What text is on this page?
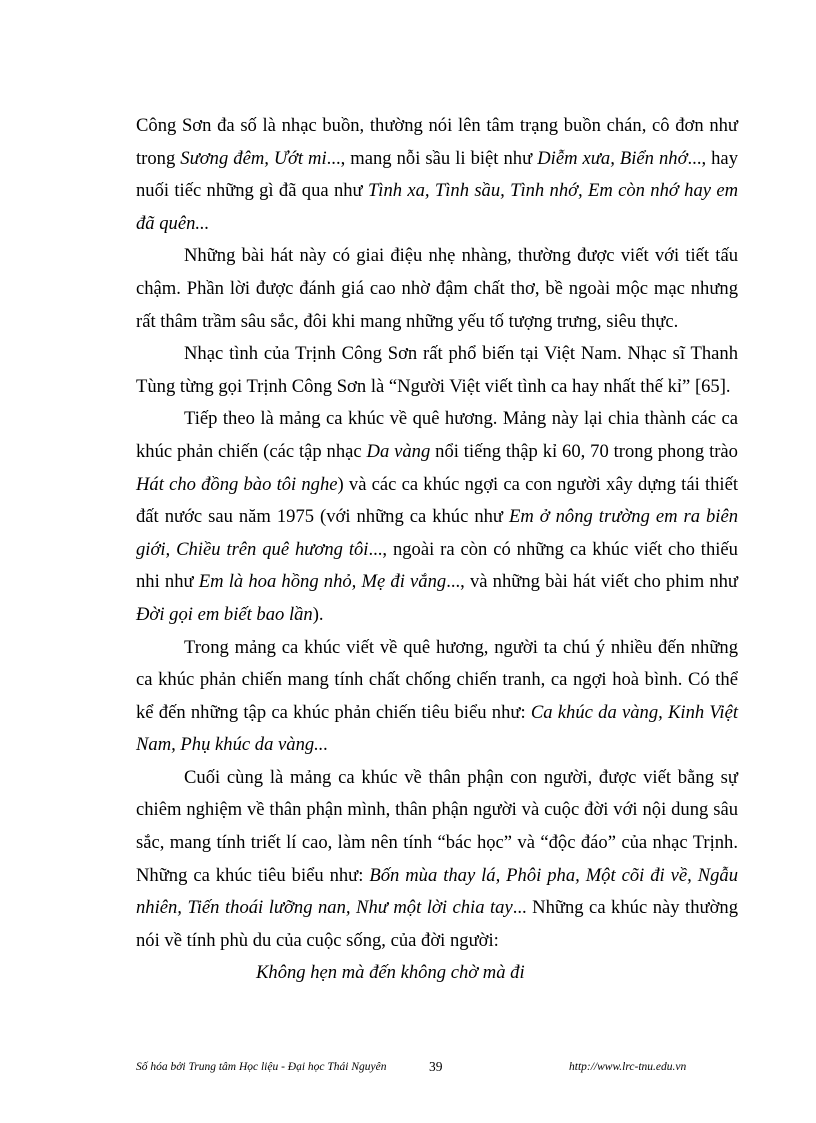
Công Sơn đa số là nhạc buồn, thường nói lên tâm trạng buồn chán, cô đơn như trong Sương đêm, Ướt mi..., mang nỗi sầu li biệt như Diễm xưa, Biển nhớ..., hay nuối tiếc những gì đã qua như Tình xa, Tình sầu, Tình nhớ, Em còn nhớ hay em đã quên...

Những bài hát này có giai điệu nhẹ nhàng, thường được viết với tiết tấu chậm. Phần lời được đánh giá cao nhờ đậm chất thơ, bề ngoài mộc mạc nhưng rất thâm trầm sâu sắc, đôi khi mang những yếu tố tượng trưng, siêu thực.

Nhạc tình của Trịnh Công Sơn rất phổ biến tại Việt Nam. Nhạc sĩ Thanh Tùng từng gọi Trịnh Công Sơn là “Người Việt viết tình ca hay nhất thế kỉ” [65].

Tiếp theo là mảng ca khúc về quê hương. Mảng này lại chia thành các ca khúc phản chiến (các tập nhạc Da vàng nổi tiếng thập kỉ 60, 70 trong phong trào Hát cho đồng bào tôi nghe) và các ca khúc ngợi ca con người xây dựng tái thiết đất nước sau năm 1975 (với những ca khúc như Em ở nông trường em ra biên giới, Chiều trên quê hương tôi..., ngoài ra còn có những ca khúc viết cho thiếu nhi như Em là hoa hồng nhỏ, Mẹ đi vắng..., và những bài hát viết cho phim như Đời gọi em biết bao lần).

Trong mảng ca khúc viết về quê hương, người ta chú ý nhiều đến những ca khúc phản chiến mang tính chất chống chiến tranh, ca ngợi hoà bình. Có thể kể đến những tập ca khúc phản chiến tiêu biểu như: Ca khúc da vàng, Kinh Việt Nam, Phụ khúc da vàng...

Cuối cùng là mảng ca khúc về thân phận con người, được viết bằng sự chiêm nghiệm về thân phận mình, thân phận người và cuộc đời với nội dung sâu sắc, mang tính triết lí cao, làm nên tính “bác học” và “độc đáo” của nhạc Trịnh. Những ca khúc tiêu biểu như: Bốn mùa thay lá, Phôi pha, Một cõi đi về, Ngẫu nhiên, Tiến thoái lưỡng nan, Như một lời chia tay... Những ca khúc này thường nói về tính phù du của cuộc sống, của đời người:

Không hẹn mà đến không chờ mà đi

Số hóa bởi Trung tâm Học liệu - Đại học Thái Nguyên	39	http://www.lrc-tnu.edu.vn
